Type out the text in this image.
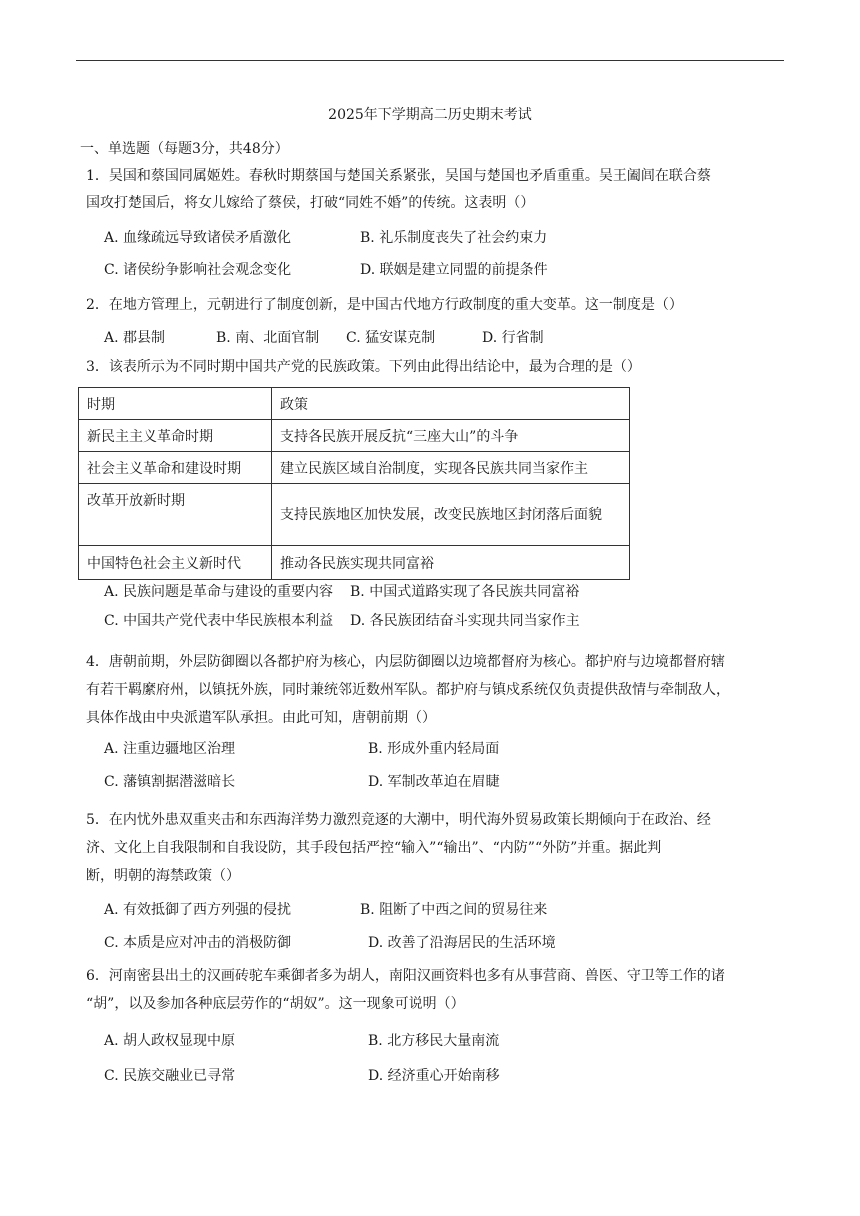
2025年下学期高二历史期末考试
一、单选题（每题3分，共48分）

1．吴国和蔡国同属姬姓。春秋时期蔡国与楚国关系紧张，吴国与楚国也矛盾重重。吴王阖闾在联合蔡

国攻打楚国后，将女儿嫁给了蔡侯，打破“同姓不婚”的传统。这表明（）

A. 血缘疏远导致诸侯矛盾激化	B. 礼乐制度丧失了社会约束力
C. 诸侯纷争影响社会观念变化	D. 联姻是建立同盟的前提条件

2．在地方管理上，元朝进行了制度创新，是中国古代地方行政制度的重大变革。这一制度是（）

A. 郡县制	B. 南、北面官制 C. 猛安谋克制	D. 行省制

3．该表所示为不同时期中国共产党的民族政策。下列由此得出结论中，最为合理的是（）

时期	政策
新民主主义革命时期	支持各民族开展反抗“三座大山”的斗争
社会主义革命和建设时期	建立民族区域自治制度，实现各民族共同当家作主
改革开放新时期	支持民族地区加快发展，改变民族地区封闭落后面貌
中国特色社会主义新时代	推动各民族实现共同富裕
A. 民族问题是革命与建设的重要内容 B. 中国式道路实现了各民族共同富裕
C. 中国共产党代表中华民族根本利益 D. 各民族团结奋斗实现共同当家作主

4．唐朝前期，外层防御圈以各都护府为核心，内层防御圈以边境都督府为核心。都护府与边境都督府辖

有若干羁縻府州，以镇抚外族，同时兼统邻近数州军队。都护府与镇戍系统仅负责提供敌情与牵制敌人，

具体作战由中央派遣军队承担。由此可知，唐朝前期（）

A. 注重边疆地区治理	B. 形成外重内轻局面
C. 藩镇割据潜滋暗长	D. 军制改革迫在眉睫

5．在内忧外患双重夹击和东西海洋势力激烈竞逐的大潮中，明代海外贸易政策长期倾向于在政治、经

济、文化上自我限制和自我设防，其手段包括严控“输入”“输出”、“内防”“外防”并重。据此判

断，明朝的海禁政策（）

A. 有效抵御了西方列强的侵扰	B. 阻断了中西之间的贸易往来
C. 本质是应对冲击的消极防御	D. 改善了沿海居民的生活环境

6．河南密县出土的汉画砖驼车乘御者多为胡人，南阳汉画资料也多有从事营商、兽医、守卫等工作的诸

“胡”，以及参加各种底层劳作的“胡奴”。这一现象可说明（）

A. 胡人政权显现中原	B. 北方移民大量南流
C. 民族交融业已寻常	D. 经济重心开始南移
